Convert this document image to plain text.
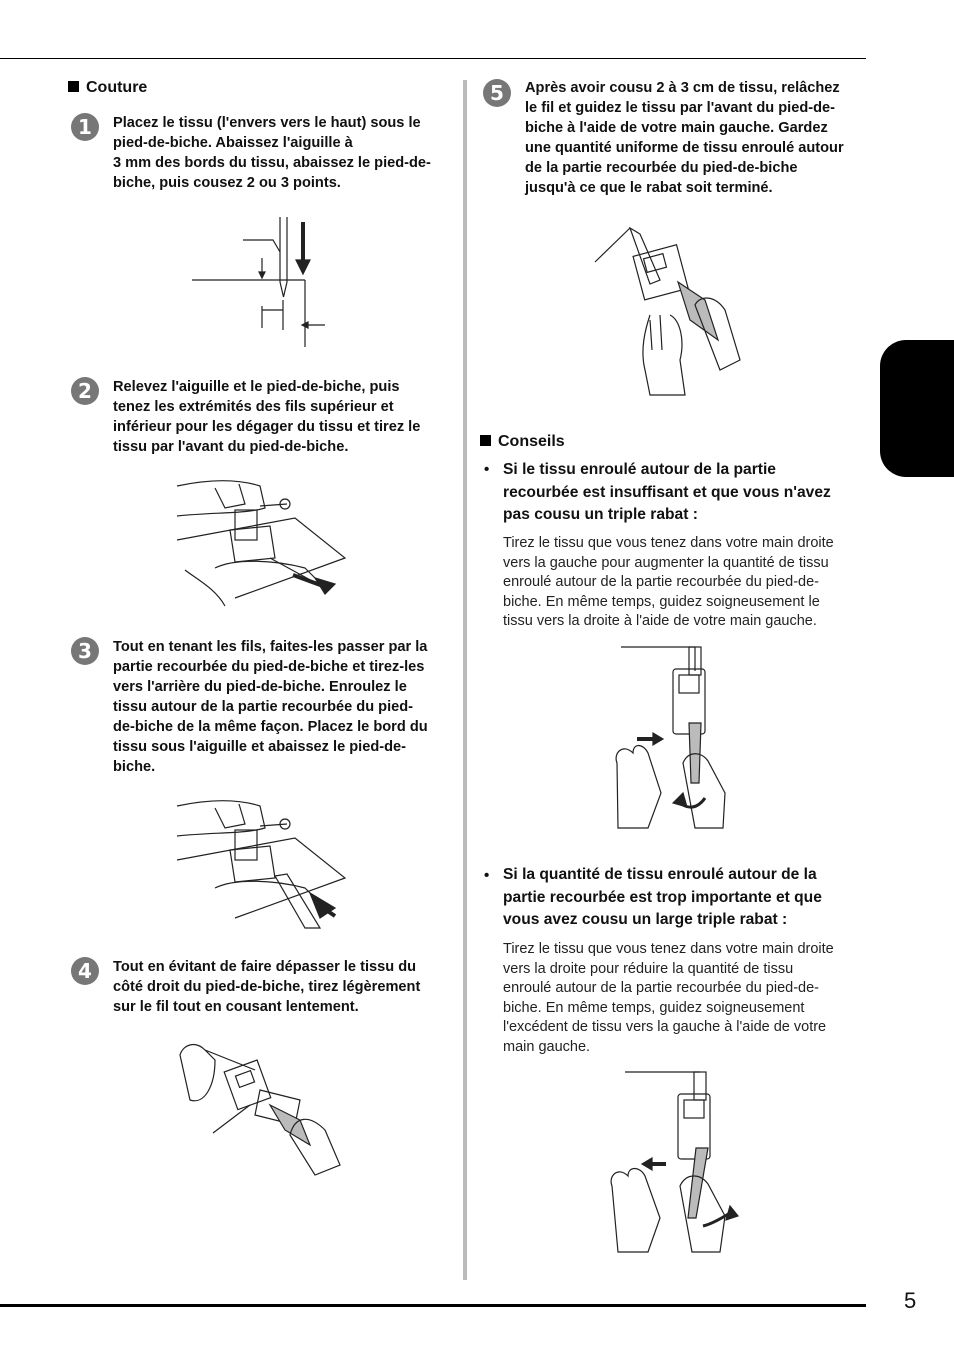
5
Couture
1	Placez le tissu (l'envers vers le haut) sous le
pied-de-biche. Abaissez l'aiguille à
3 mm des bords du tissu, abaissez le pied-de-
biche, puis cousez 2 ou 3 points.
2	Relevez l'aiguille et le pied-de-biche, puis
tenez les extrémités des fils supérieur et
inférieur pour les dégager du tissu et tirez le
tissu par l'avant du pied-de-biche.
3	Tout en tenant les fils, faites-les passer par la
partie recourbée du pied-de-biche et tirez-les
vers l'arrière du pied-de-biche. Enroulez le
tissu autour de la partie recourbée du pied-
de-biche de la même façon. Placez le bord du
tissu sous l'aiguille et abaissez le pied-de-
biche.
4	Tout en évitant de faire dépasser le tissu du
côté droit du pied-de-biche, tirez légèrement
sur le fil tout en cousant lentement.
5	Après avoir cousu 2 à 3 cm de tissu, relâchez
le fil et guidez le tissu par l'avant du pied-de-
biche à l'aide de votre main gauche. Gardez
une quantité uniforme de tissu enroulé autour
de la partie recourbée du pied-de-biche
jusqu'à ce que le rabat soit terminé.
Conseils
• Si le tissu enroulé autour de la partie
recourbée est insuffisant et que vous n'avez
pas cousu un triple rabat :
Tirez le tissu que vous tenez dans votre main droite
vers la gauche pour augmenter la quantité de tissu
enroulé autour de la partie recourbée du pied-de-
biche. En même temps, guidez soigneusement le
tissu vers la droite à l'aide de votre main gauche.
• Si la quantité de tissu enroulé autour de la
partie recourbée est trop importante et que
vous avez cousu un large triple rabat :
Tirez le tissu que vous tenez dans votre main droite
vers la droite pour réduire la quantité de tissu
enroulé autour de la partie recourbée du pied-de-
biche. En même temps, guidez soigneusement
l'excédent de tissu vers la gauche à l'aide de votre
main gauche.
